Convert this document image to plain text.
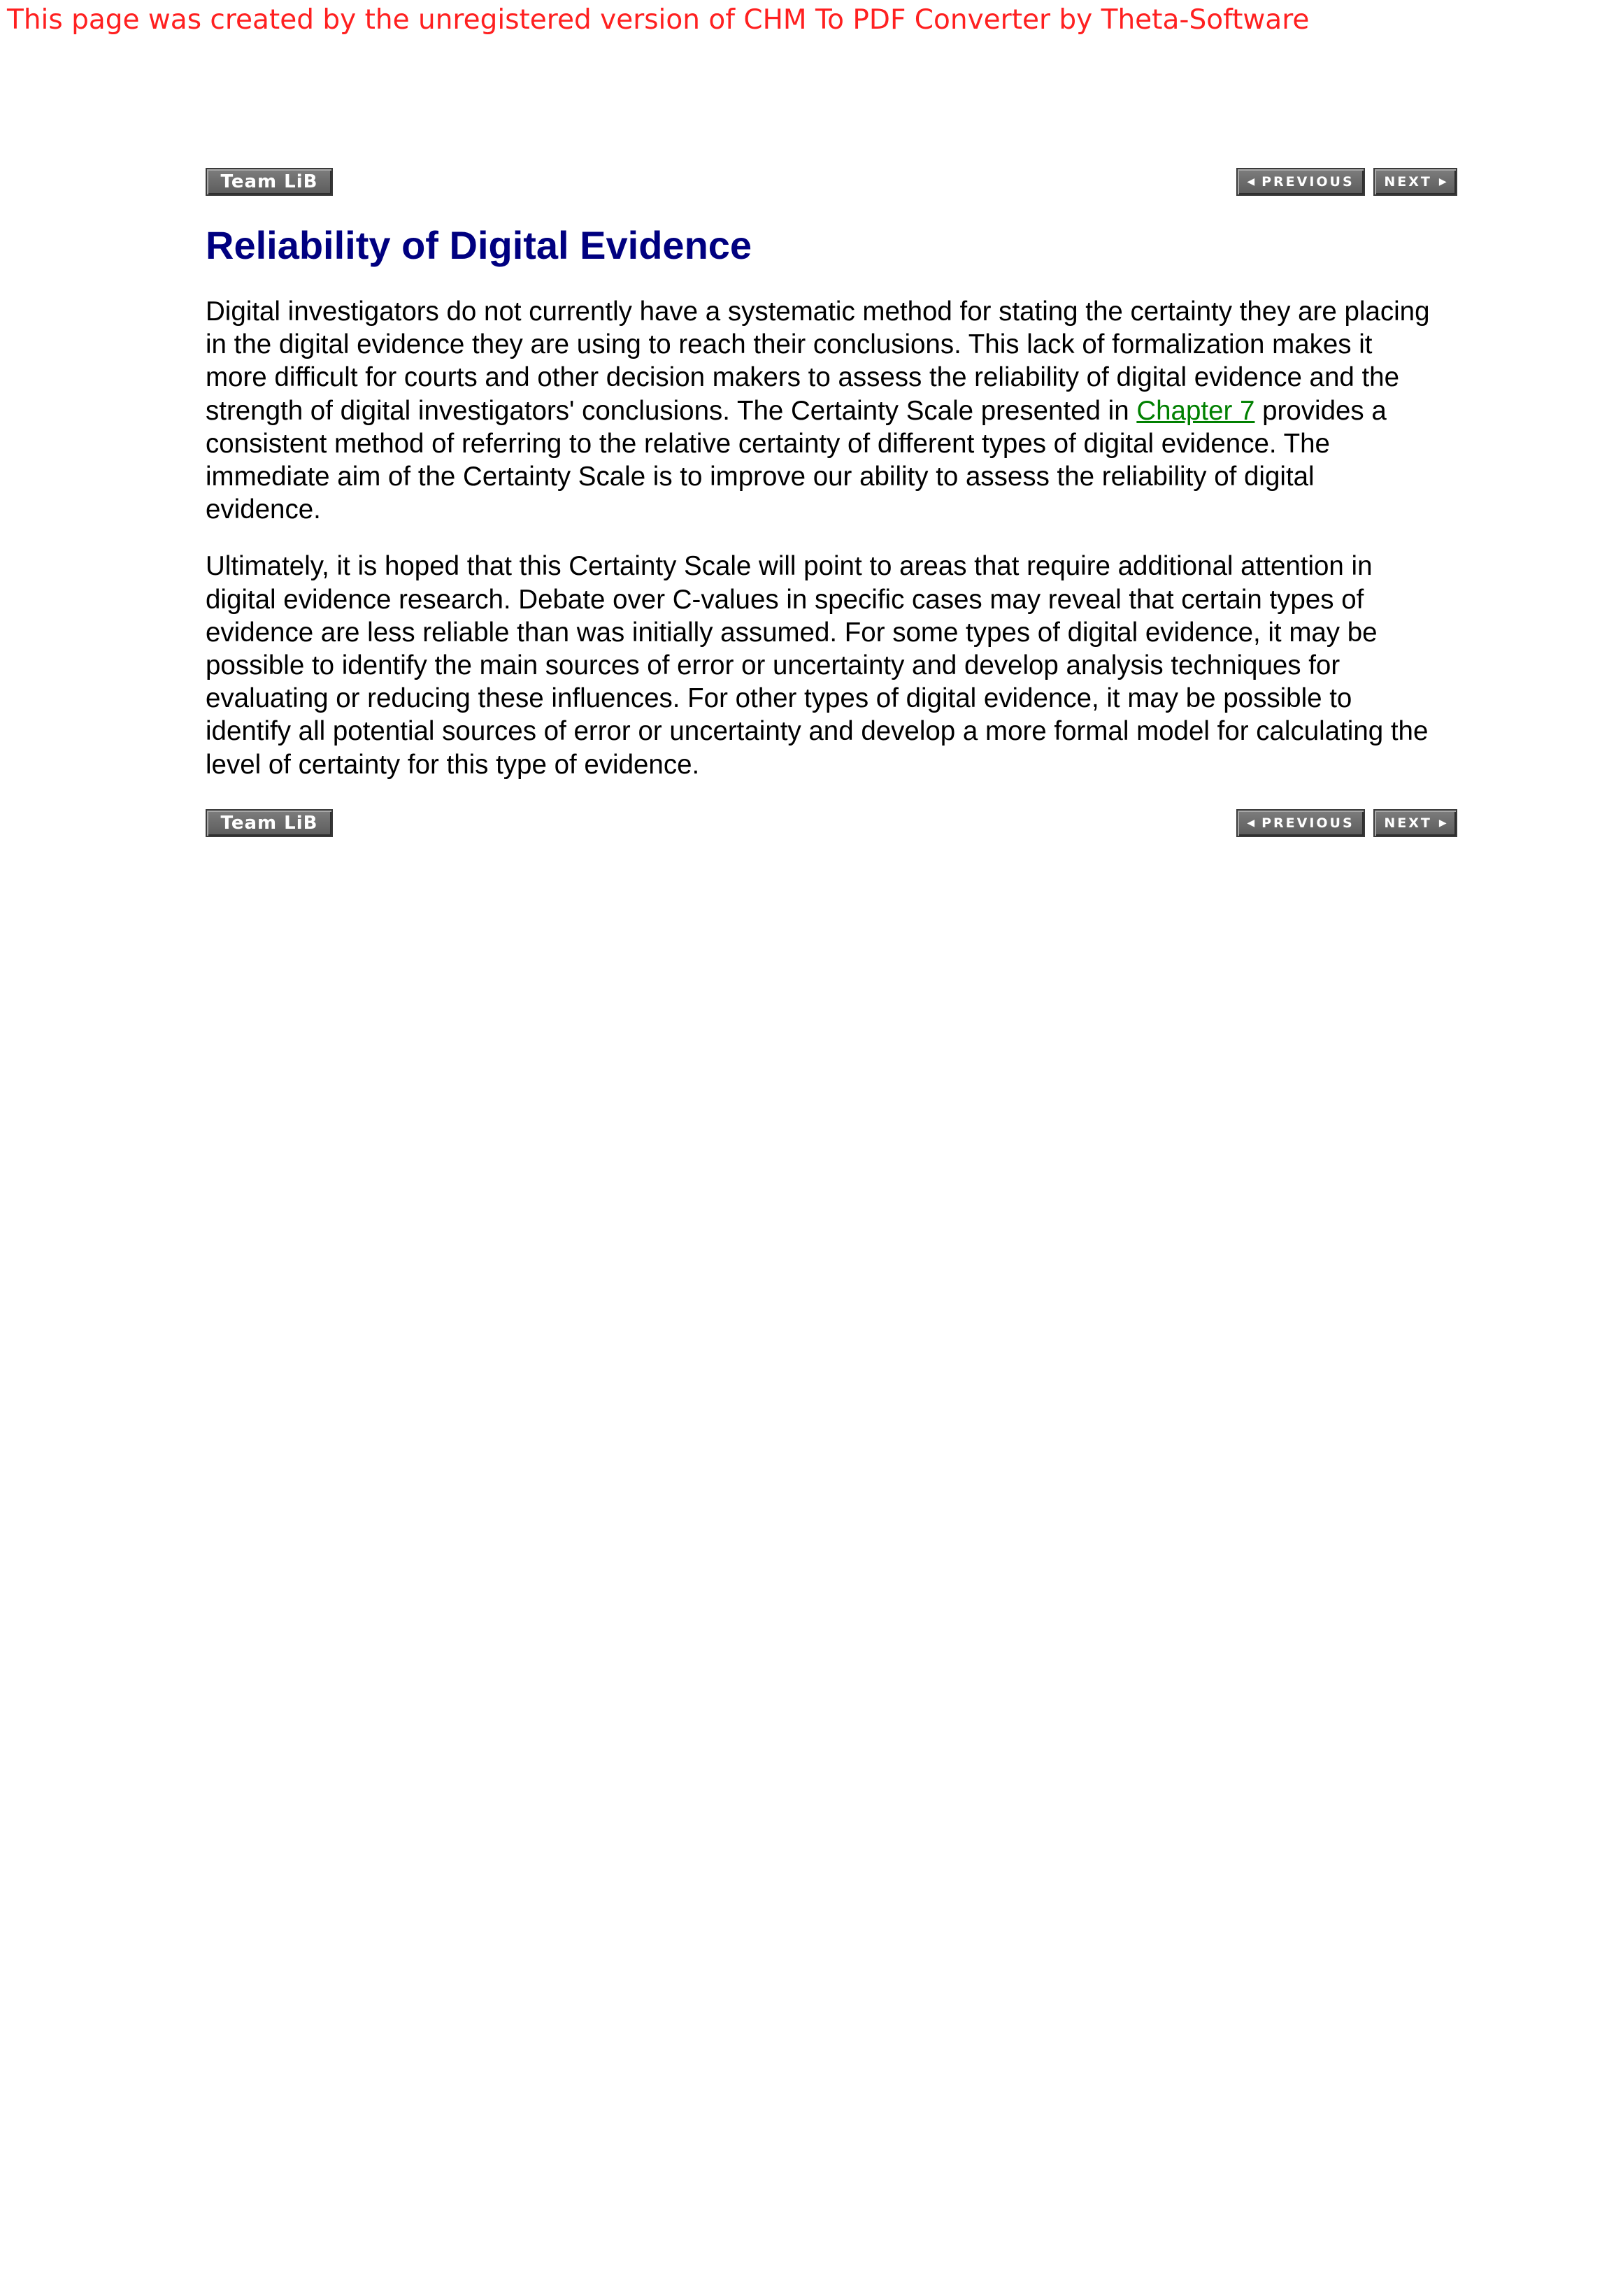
This page was created by the unregistered version of CHM To PDF Converter by Theta-Software
Team LiB	◀ PREVIOUS NEXT ▶
Reliability of Digital Evidence

Digital investigators do not currently have a systematic method for stating the certainty they are placing in the digital evidence they are using to reach their conclusions. This lack of formalization makes it more difficult for courts and other decision makers to assess the reliability of digital evidence and the strength of digital investigators' conclusions. The Certainty Scale presented in Chapter 7 provides a consistent method of referring to the relative certainty of different types of digital evidence. The immediate aim of the Certainty Scale is to improve our ability to assess the reliability of digital evidence.

Ultimately, it is hoped that this Certainty Scale will point to areas that require additional attention in digital evidence research. Debate over C-values in specific cases may reveal that certain types of evidence are less reliable than was initially assumed. For some types of digital evidence, it may be possible to identify the main sources of error or uncertainty and develop analysis techniques for evaluating or reducing these influences. For other types of digital evidence, it may be possible to identify all potential sources of error or uncertainty and develop a more formal model for calculating the level of certainty for this type of evidence.

Team LiB	◀ PREVIOUS NEXT ▶
